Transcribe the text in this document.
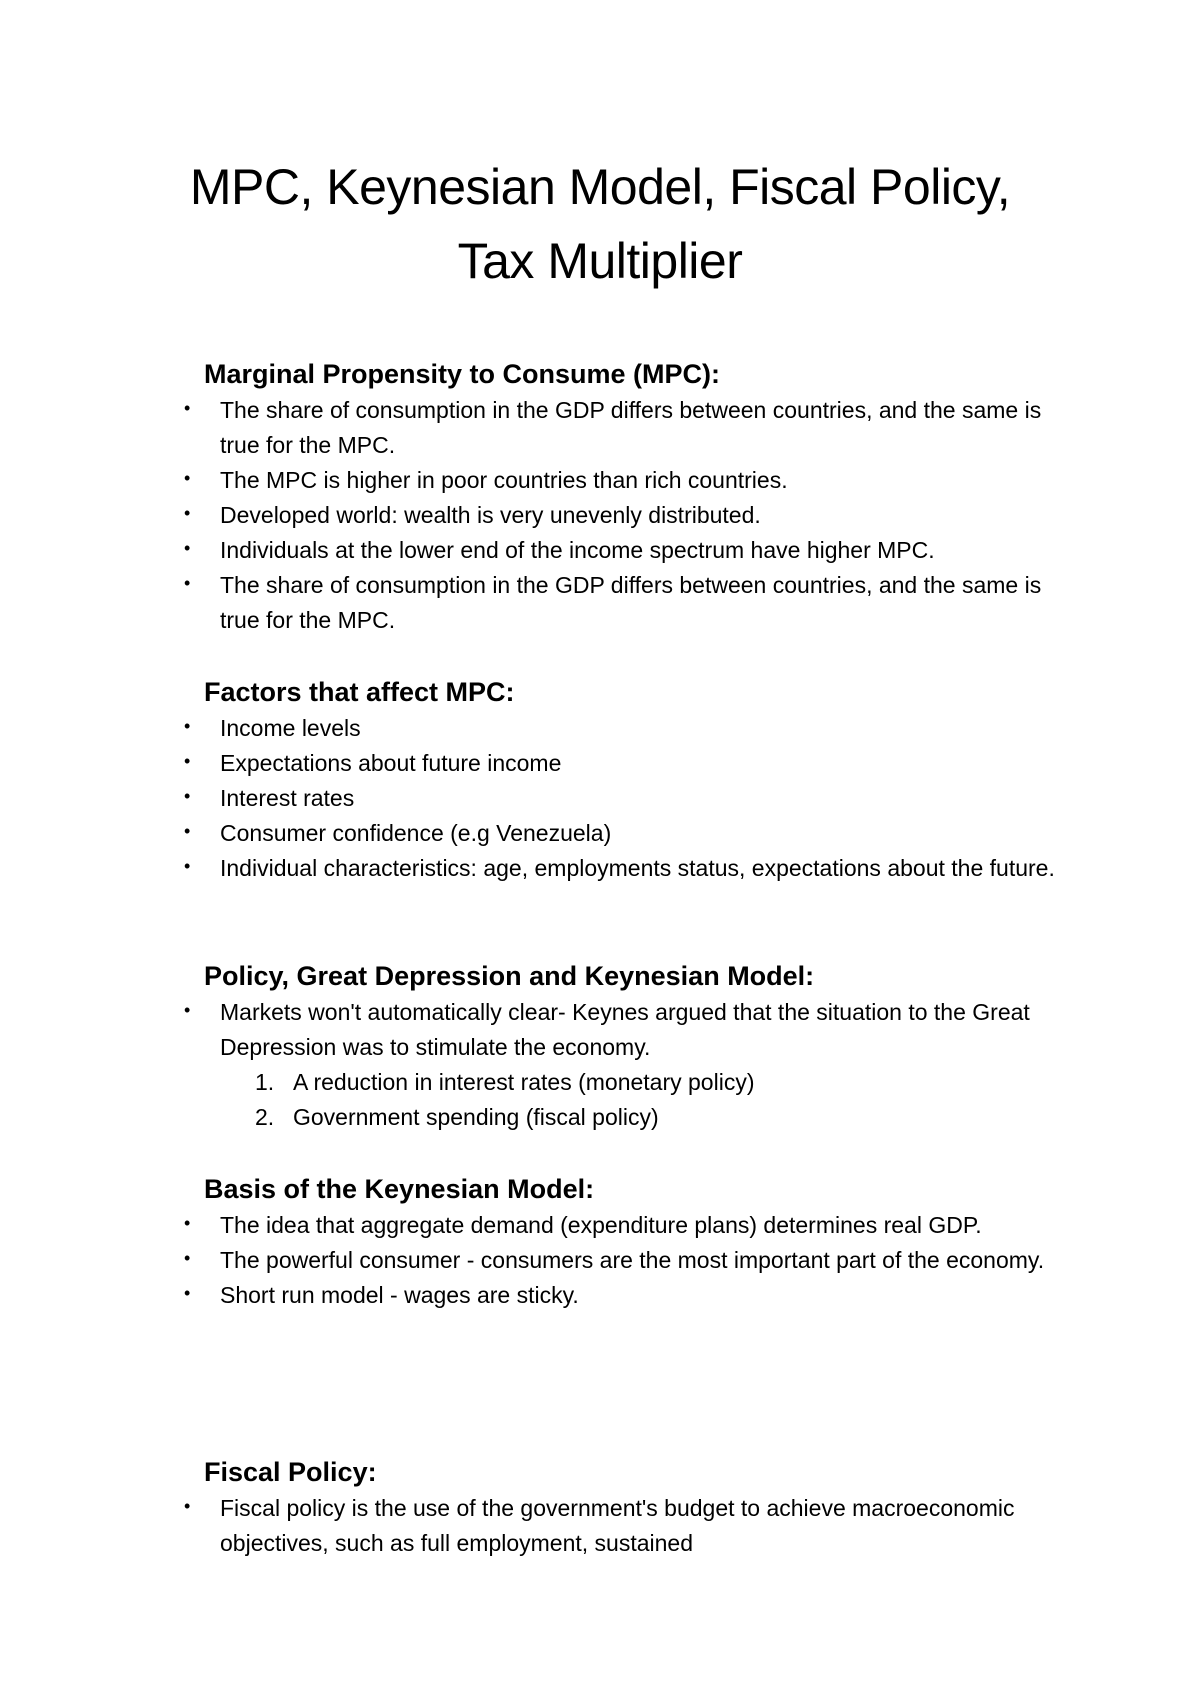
MPC, Keynesian Model, Fiscal Policy,
Tax Multiplier
Marginal Propensity to Consume (MPC):
• The share of consumption in the GDP differs between countries, and the same is true for the MPC.
• The MPC is higher in poor countries than rich countries.
• Developed world: wealth is very unevenly distributed.
• Individuals at the lower end of the income spectrum have higher MPC.
• The share of consumption in the GDP differs between countries, and the same is true for the MPC.
Factors that affect MPC:
• Income levels
• Expectations about future income
• Interest rates
• Consumer confidence (e.g Venezuela)
• Individual characteristics: age, employments status, expectations about the future.
Policy, Great Depression and Keynesian Model:
• Markets won't automatically clear- Keynes argued that the situation to the Great Depression was to stimulate the economy.
1. A reduction in interest rates (monetary policy)
2. Government spending (fiscal policy)
Basis of the Keynesian Model:
• The idea that aggregate demand (expenditure plans) determines real GDP.
• The powerful consumer - consumers are the most important part of the economy.
• Short run model - wages are sticky.
Fiscal Policy:
• Fiscal policy is the use of the government's budget to achieve macroeconomic objectives, such as full employment, sustained
